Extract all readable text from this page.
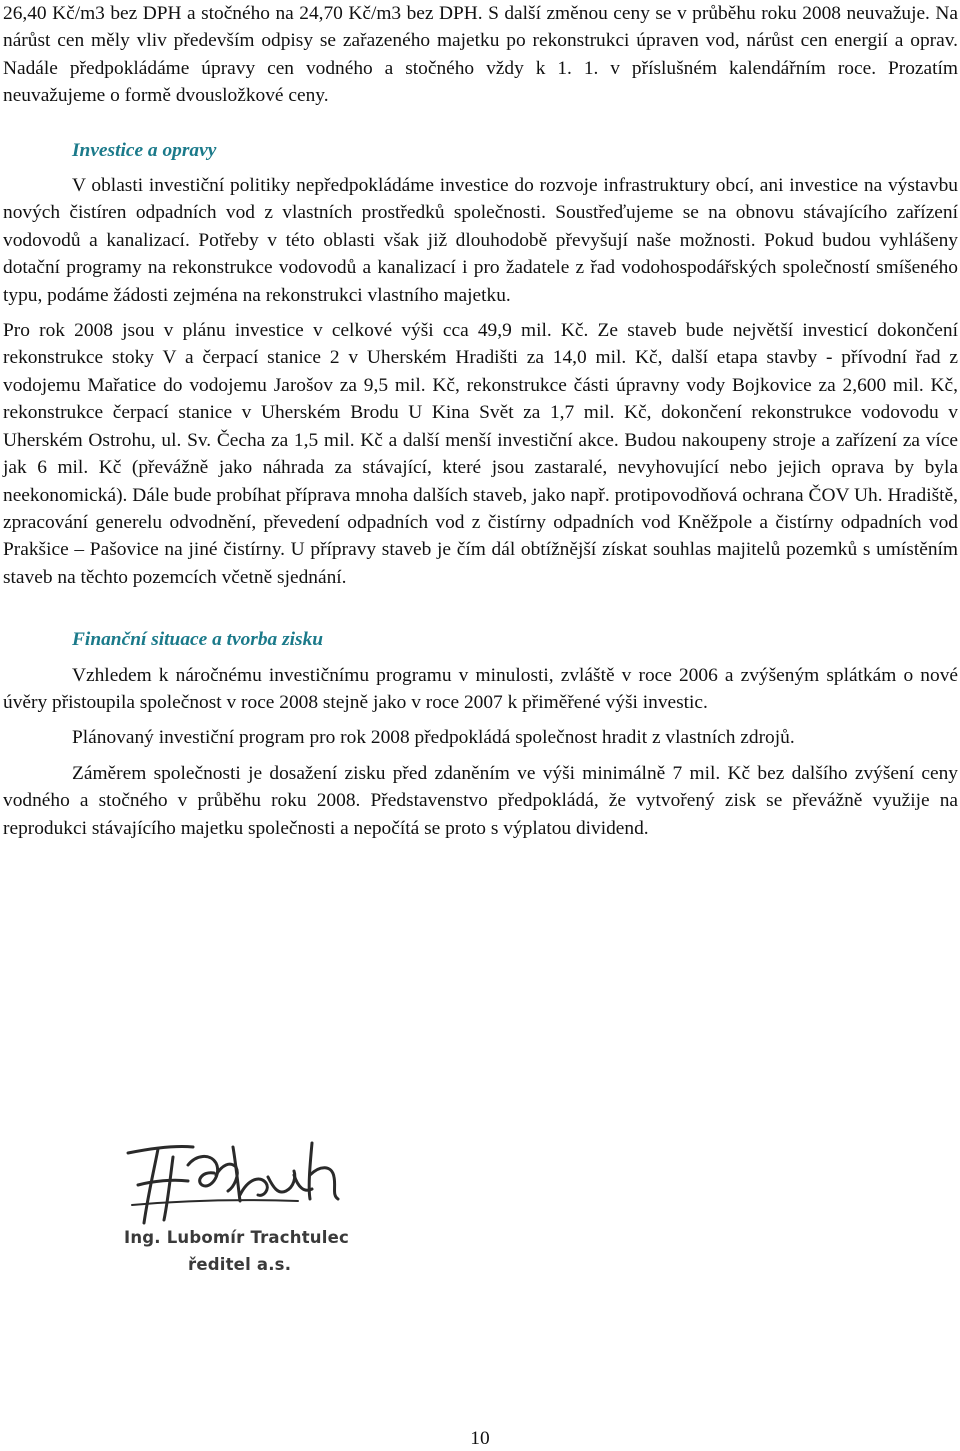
26,40 Kč/m3 bez DPH a stočného na 24,70 Kč/m3 bez DPH. S další změnou ceny se v průběhu roku 2008 neuvažuje. Na nárůst cen měly vliv především odpisy se zařazeného majetku po rekonstrukci úpraven vod, nárůst cen energií a oprav. Nadále předpokládáme úpravy cen vodného a stočného vždy k 1. 1. v příslušném kalendářním roce. Prozatím neuvažujeme o formě dvousložkové ceny.

Investice a opravy

V oblasti investiční politiky nepředpokládáme investice do rozvoje infrastruktury obcí, ani investice na výstavbu nových čistíren odpadních vod z vlastních prostředků společnosti. Soustřeďujeme se na obnovu stávajícího zařízení vodovodů a kanalizací. Potřeby v této oblasti však již dlouhodobě převyšují naše možnosti. Pokud budou vyhlášeny dotační programy na rekonstrukce vodovodů a kanalizací i pro žadatele z řad vodohospodářských společností smíšeného typu, podáme žádosti zejména na rekonstrukci vlastního majetku.

Pro rok 2008 jsou v plánu investice v celkové výši cca 49,9 mil. Kč. Ze staveb bude největší investicí dokončení rekonstrukce stoky V a čerpací stanice 2 v Uherském Hradišti za 14,0 mil. Kč, další etapa stavby - přívodní řad z vodojemu Mařatice do vodojemu Jarošov za 9,5 mil. Kč, rekonstrukce části úpravny vody Bojkovice za 2,600 mil. Kč, rekonstrukce čerpací stanice v Uherském Brodu U Kina Svět za 1,7 mil. Kč, dokončení rekonstrukce vodovodu v Uherském Ostrohu, ul. Sv. Čecha za 1,5 mil. Kč a další menší investiční akce. Budou nakoupeny stroje a zařízení za více jak 6 mil. Kč (převážně jako náhrada za stávající, které jsou zastaralé, nevyhovující nebo jejich oprava by byla neekonomická). Dále bude probíhat příprava mnoha dalších staveb, jako např. protipovodňová ochrana ČOV Uh. Hradiště, zpracování generelu odvodnění, převedení odpadních vod z čistírny odpadních vod Kněžpole a čistírny odpadních vod Prakšice – Pašovice na jiné čistírny. U přípravy staveb je čím dál obtížnější získat souhlas majitelů pozemků s umístěním staveb na těchto pozemcích včetně sjednání.

Finanční situace a tvorba zisku

Vzhledem k náročnému investičnímu programu v minulosti, zvláště v roce 2006 a zvýšeným splátkám o nové úvěry přistoupila společnost v roce 2008 stejně jako v roce 2007 k přiměřené výši investic.

Plánovaný investiční program pro rok 2008 předpokládá společnost hradit z vlastních zdrojů.

Záměrem společnosti je dosažení zisku před zdaněním ve výši minimálně 7 mil. Kč bez dalšího zvýšení ceny vodného a stočného v průběhu roku 2008. Představenstvo předpokládá, že vytvořený zisk se převážně využije na reprodukci stávajícího majetku společnosti a nepočítá se proto s výplatou dividend.

Ing. Lubomír Trachtulec
ředitel a.s.
10
